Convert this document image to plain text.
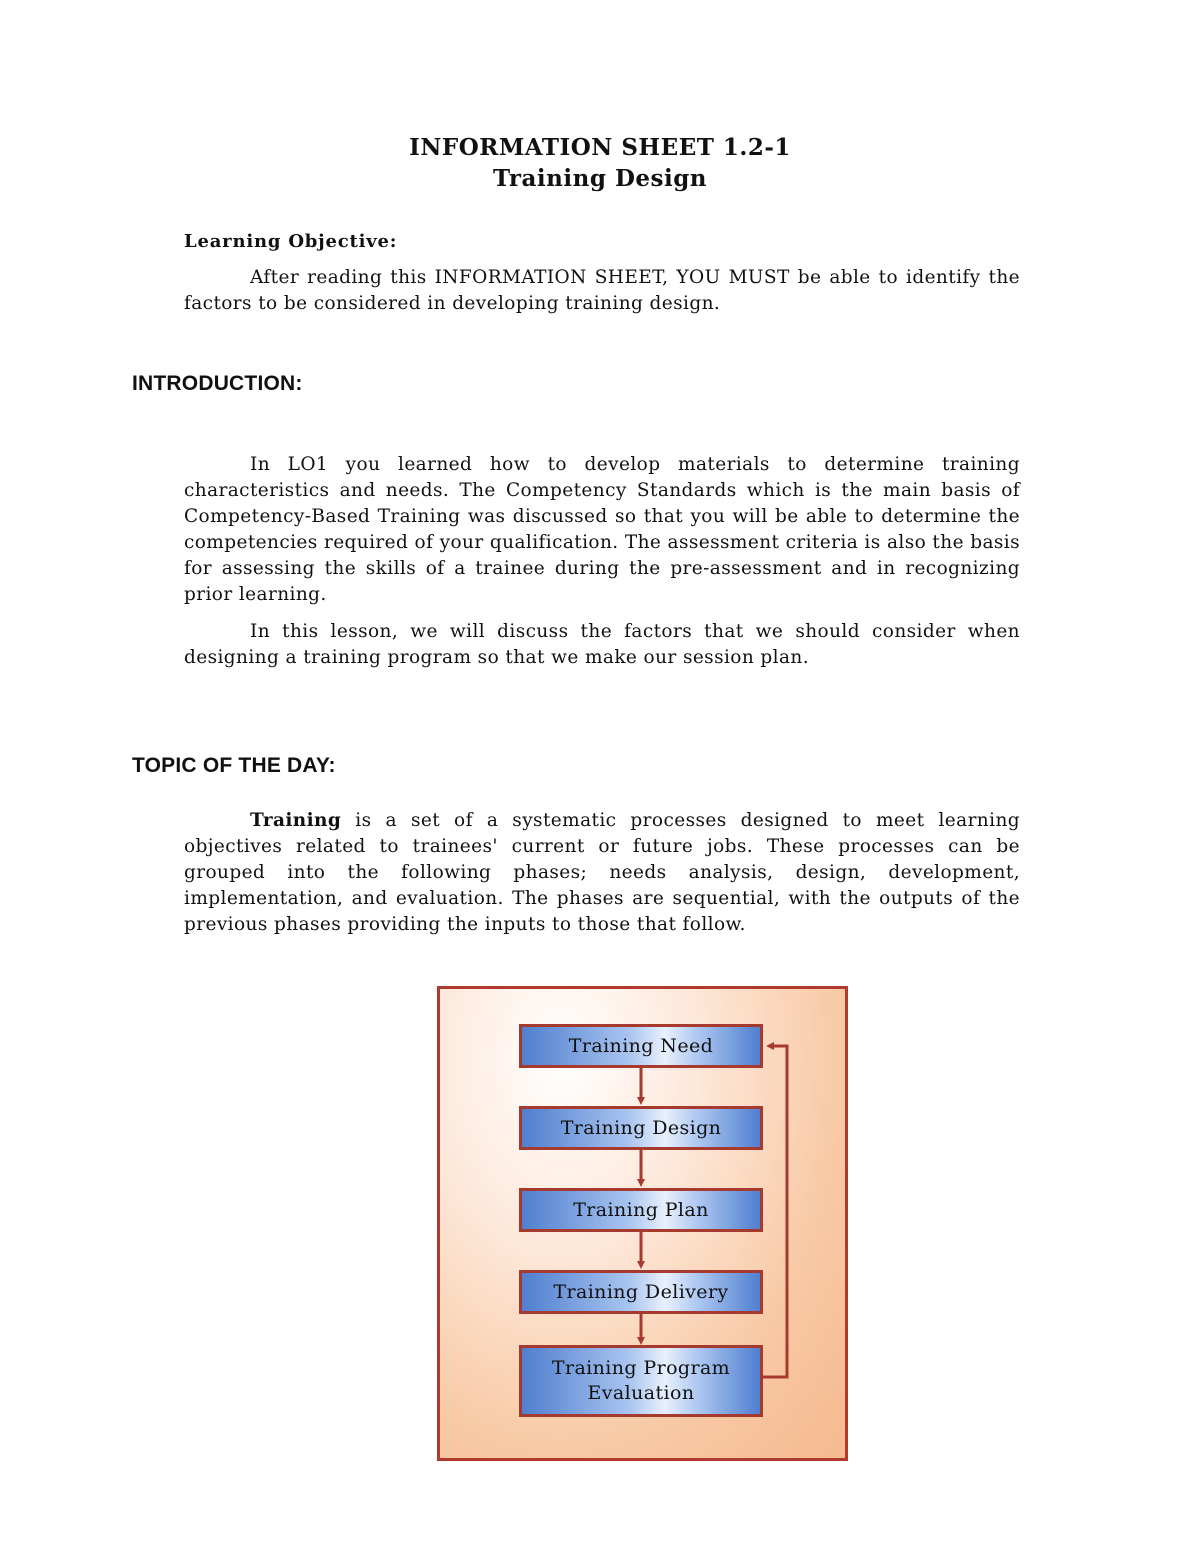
INFORMATION SHEET 1.2-1
Training Design
Learning Objective:

After reading this INFORMATION SHEET, YOU MUST be able to identify the factors to be considered in developing training design.

INTRODUCTION:

In LO1 you learned how to develop materials to determine training characteristics and needs. The Competency Standards which is the main basis of Competency-Based Training was discussed so that you will be able to determine the competencies required of your qualification. The assessment criteria is also the basis for assessing the skills of a trainee during the pre-assessment and in recognizing prior learning.

In this lesson, we will discuss the factors that we should consider when designing a training program so that we make our session plan.

TOPIC OF THE DAY:

Training is a set of a systematic processes designed to meet learning objectives related to trainees' current or future jobs. These processes can be grouped into the following phases; needs analysis, design, development, implementation, and evaluation. The phases are sequential, with the outputs of the previous phases providing the inputs to those that follow.

Training Need
Training Design
Training Plan
Training Delivery
Training Program Evaluation
